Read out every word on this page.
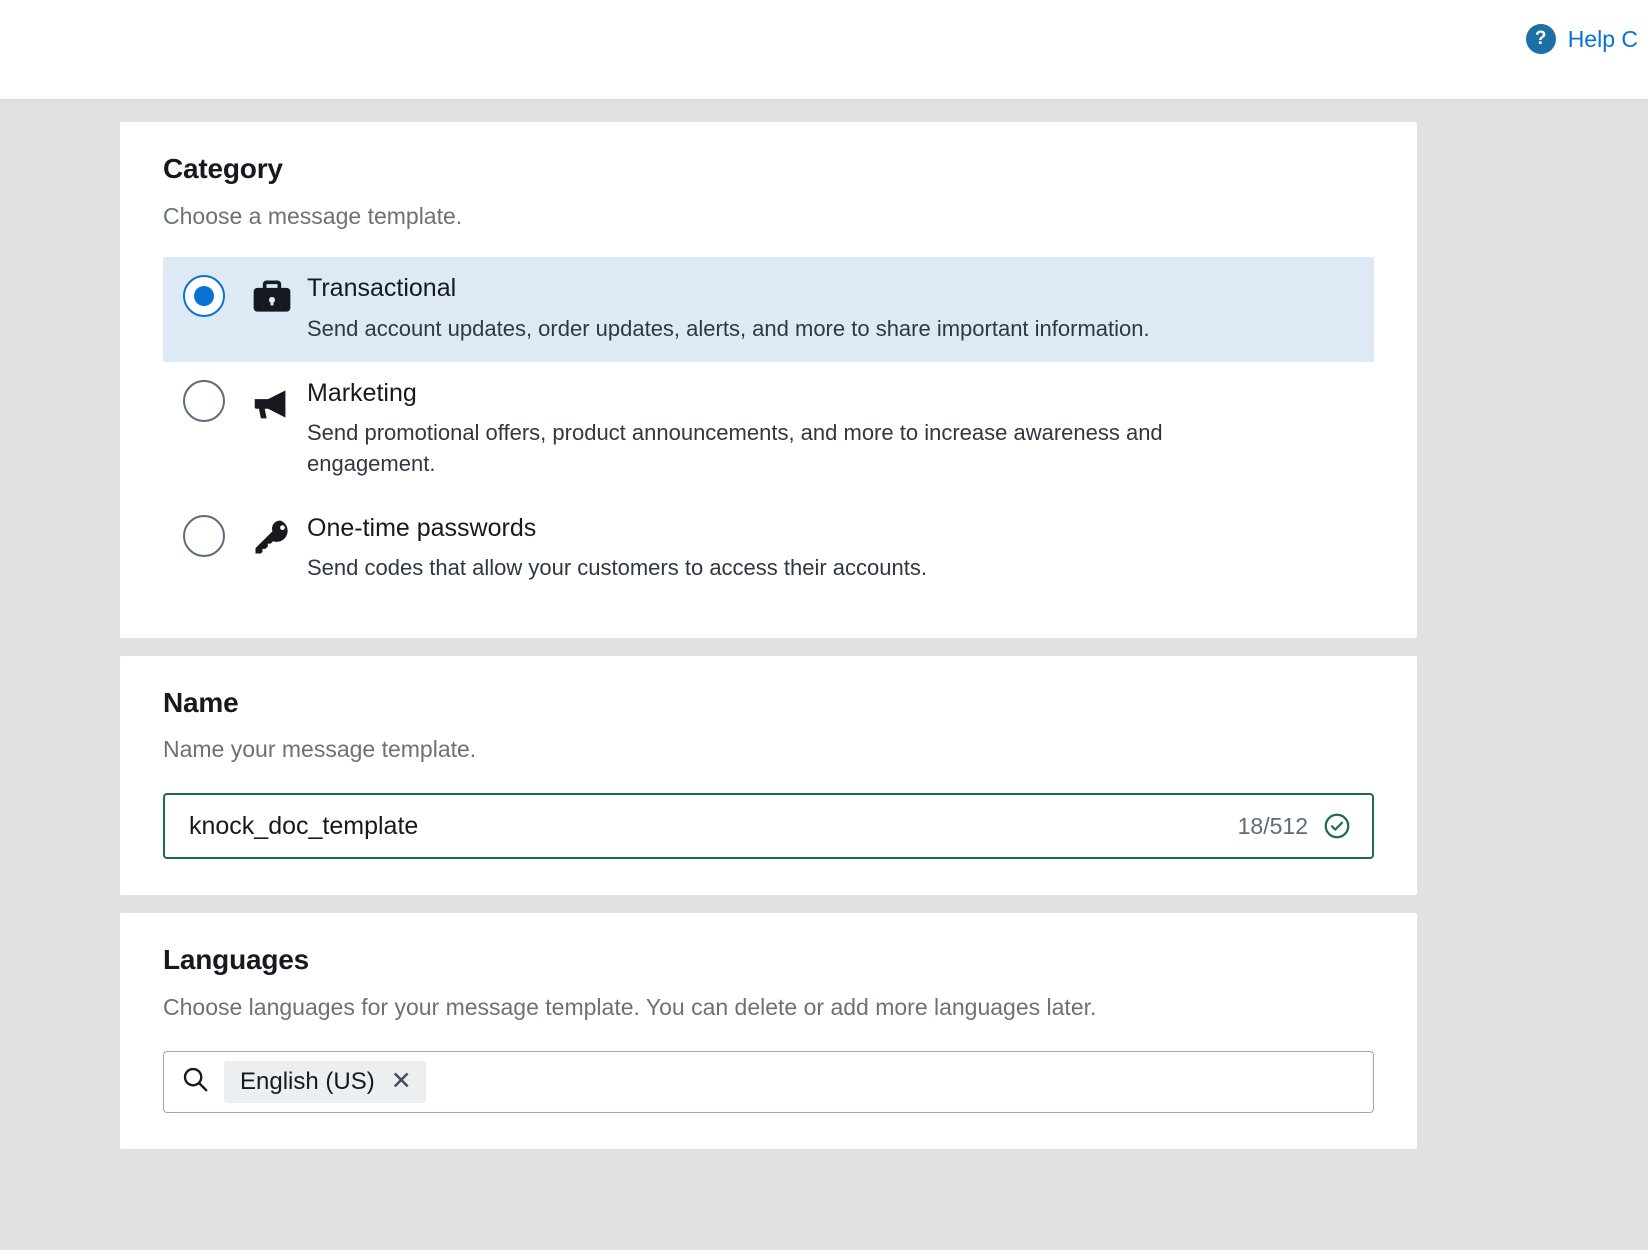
? Help C
Category
Choose a message template.
Transactional
Send account updates, order updates, alerts, and more to share important information.
Marketing
Send promotional offers, product announcements, and more to increase awareness and engagement.
One-time passwords
Send codes that allow your customers to access their accounts.
Name
Name your message template.
knock_doc_template
18/512
Languages
Choose languages for your message template. You can delete or add more languages later.
English (US) ✕
